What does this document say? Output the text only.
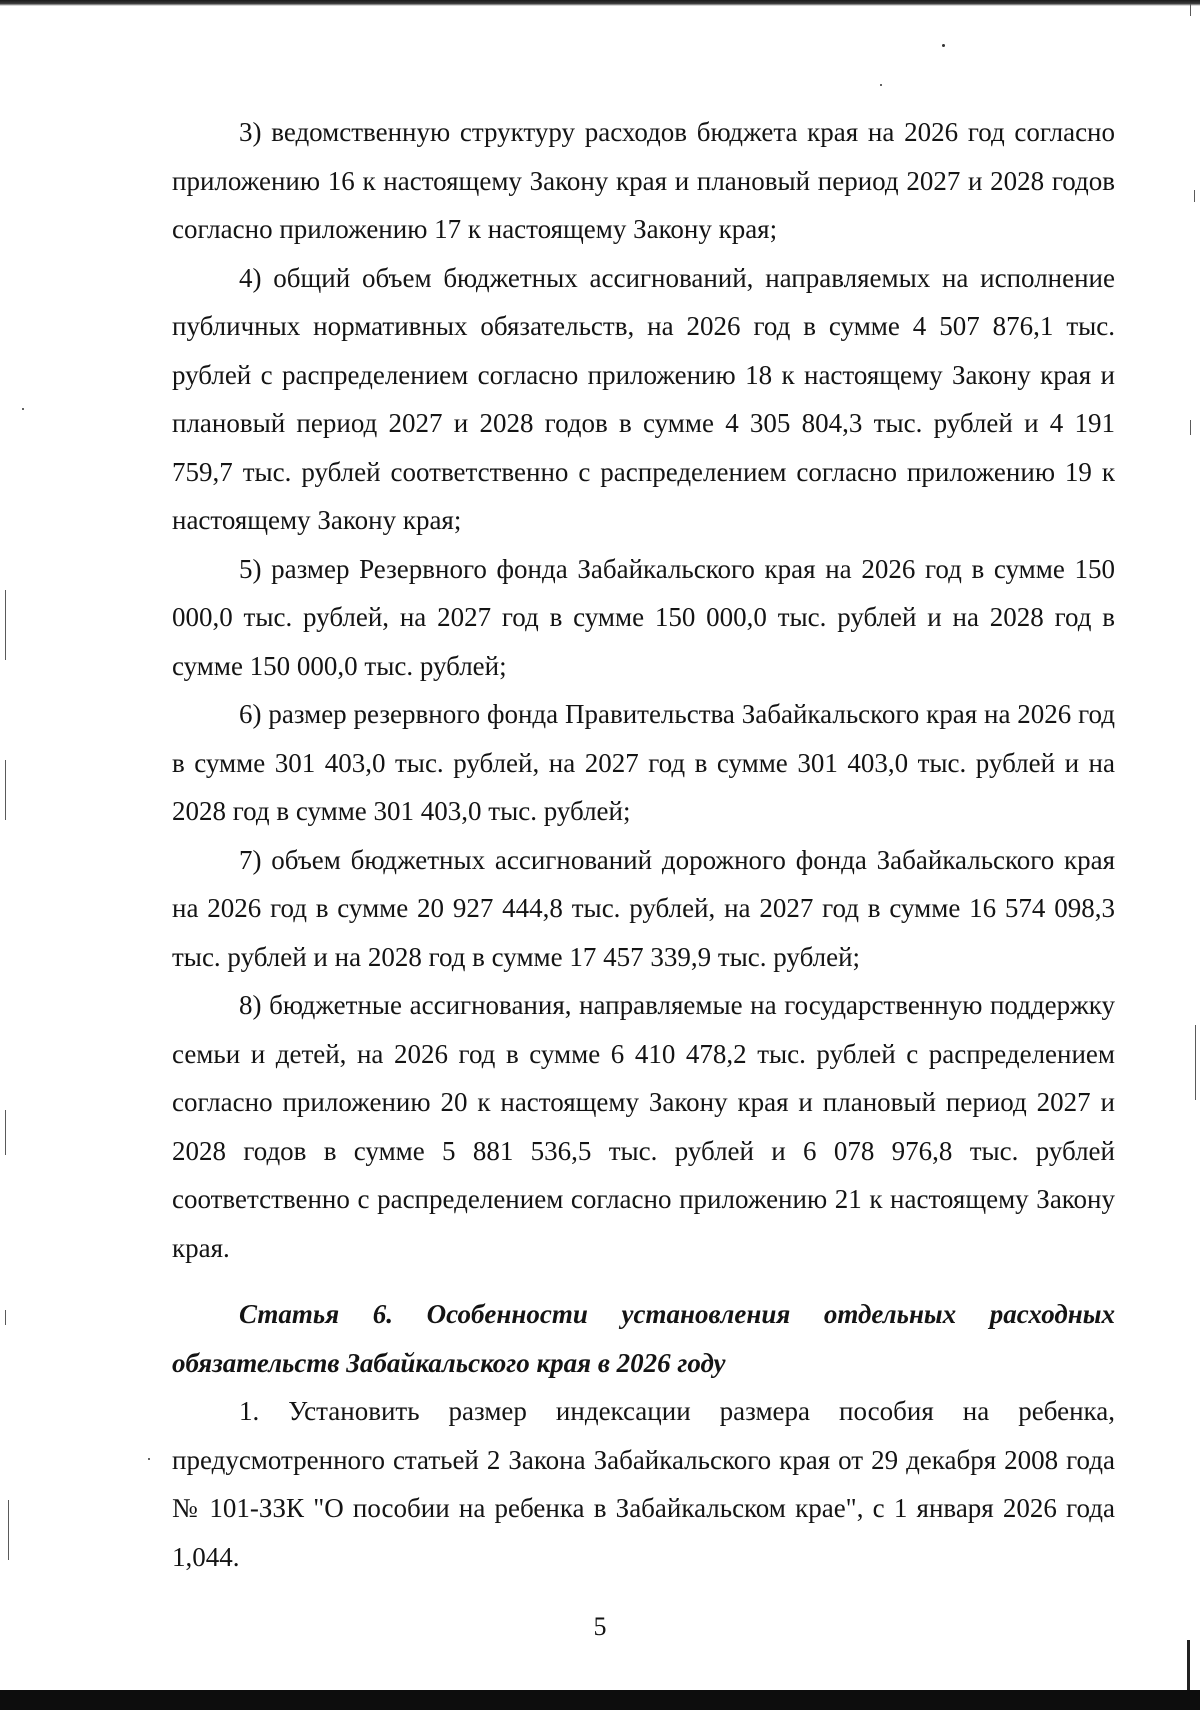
3) ведомственную структуру расходов бюджета края на 2026 год согласно приложению 16 к настоящему Закону края и плановый период 2027 и 2028 годов согласно приложению 17 к настоящему Закону края;

4) общий объем бюджетных ассигнований, направляемых на исполнение публичных нормативных обязательств, на 2026 год в сумме 4 507 876,1 тыс. рублей с распределением согласно приложению 18 к настоящему Закону края и плановый период 2027 и 2028 годов в сумме 4 305 804,3 тыс. рублей и 4 191 759,7 тыс. рублей соответственно с распределением согласно приложению 19 к настоящему Закону края;

5) размер Резервного фонда Забайкальского края на 2026 год в сумме 150 000,0 тыс. рублей, на 2027 год в сумме 150 000,0 тыс. рублей и на 2028 год в сумме 150 000,0 тыс. рублей;

6) размер резервного фонда Правительства Забайкальского края на 2026 год в сумме 301 403,0 тыс. рублей, на 2027 год в сумме 301 403,0 тыс. рублей и на 2028 год в сумме 301 403,0 тыс. рублей;

7) объем бюджетных ассигнований дорожного фонда Забайкальского края на 2026 год в сумме 20 927 444,8 тыс. рублей, на 2027 год в сумме 16 574 098,3 тыс. рублей и на 2028 год в сумме 17 457 339,9 тыс. рублей;

8) бюджетные ассигнования, направляемые на государственную поддержку семьи и детей, на 2026 год в сумме 6 410 478,2 тыс. рублей с распределением согласно приложению 20 к настоящему Закону края и плановый период 2027 и 2028 годов в сумме 5 881 536,5 тыс. рублей и 6 078 976,8 тыс. рублей соответственно с распределением согласно приложению 21 к настоящему Закону края.

Статья 6. Особенности установления отдельных расходных обязательств Забайкальского края в 2026 году

1. Установить размер индексации размера пособия на ребенка, предусмотренного статьей 2 Закона Забайкальского края от 29 декабря 2008 года № 101-ЗЗК "О пособии на ребенка в Забайкальском крае", с 1 января 2026 года 1,044.

5
